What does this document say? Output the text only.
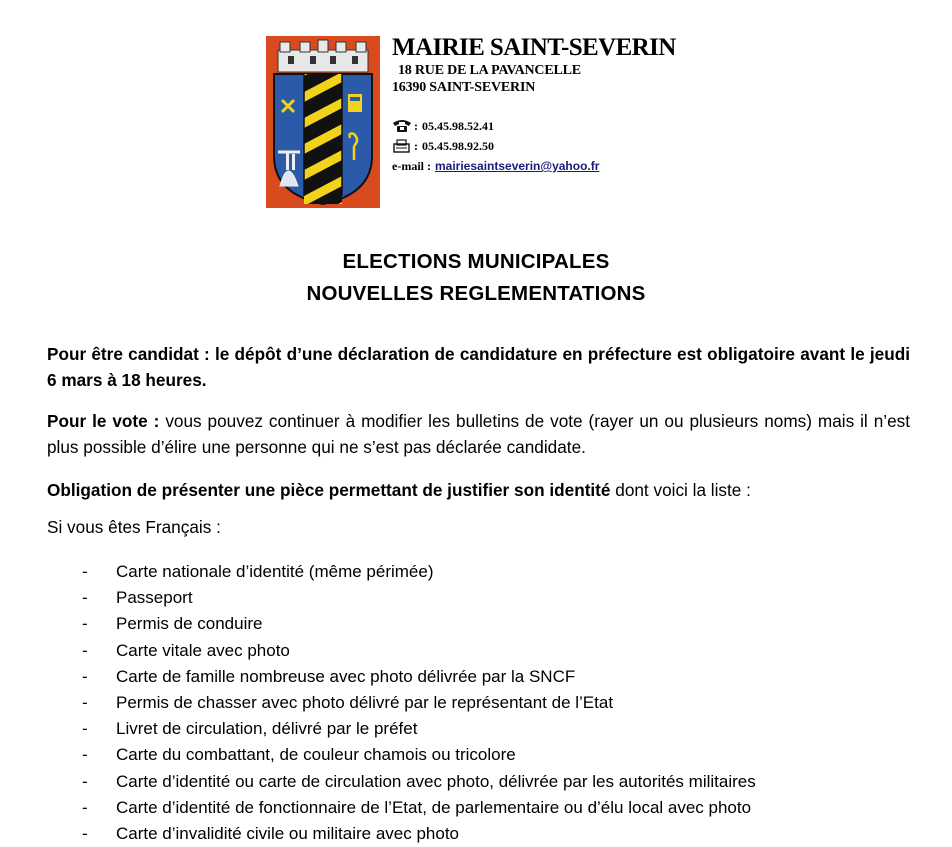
MAIRIE SAINT-SEVERIN

18 RUE DE LA PAVANCELLE

16390 SAINT-SEVERIN

: 05.45.98.52.41
: 05.45.98.92.50
e-mail : mairiesaintseverin@yahoo.fr
ELECTIONS MUNICIPALES
NOUVELLES REGLEMENTATIONS

Pour être candidat : le dépôt d’une déclaration de candidature en préfecture est obligatoire avant le jeudi 6 mars à 18 heures.

Pour le vote : vous pouvez continuer à modifier les bulletins de vote (rayer un ou plusieurs noms) mais il n’est plus possible d’élire une personne qui ne s’est pas déclarée candidate.

Obligation de présenter une pièce permettant de justifier son identité dont voici la liste :

Si vous êtes Français :

- Carte nationale d’identité (même périmée)
- Passeport
- Permis de conduire
- Carte vitale avec photo
- Carte de famille nombreuse avec photo délivrée par la SNCF
- Permis de chasser avec photo délivré par le représentant de l’Etat
- Livret de circulation, délivré par le préfet
- Carte du combattant, de couleur chamois ou tricolore
- Carte d’identité ou carte de circulation avec photo, délivrée par les autorités militaires
- Carte d’identité de fonctionnaire de l’Etat, de parlementaire ou d’élu local avec photo
- Carte d’invalidité civile ou militaire avec photo
